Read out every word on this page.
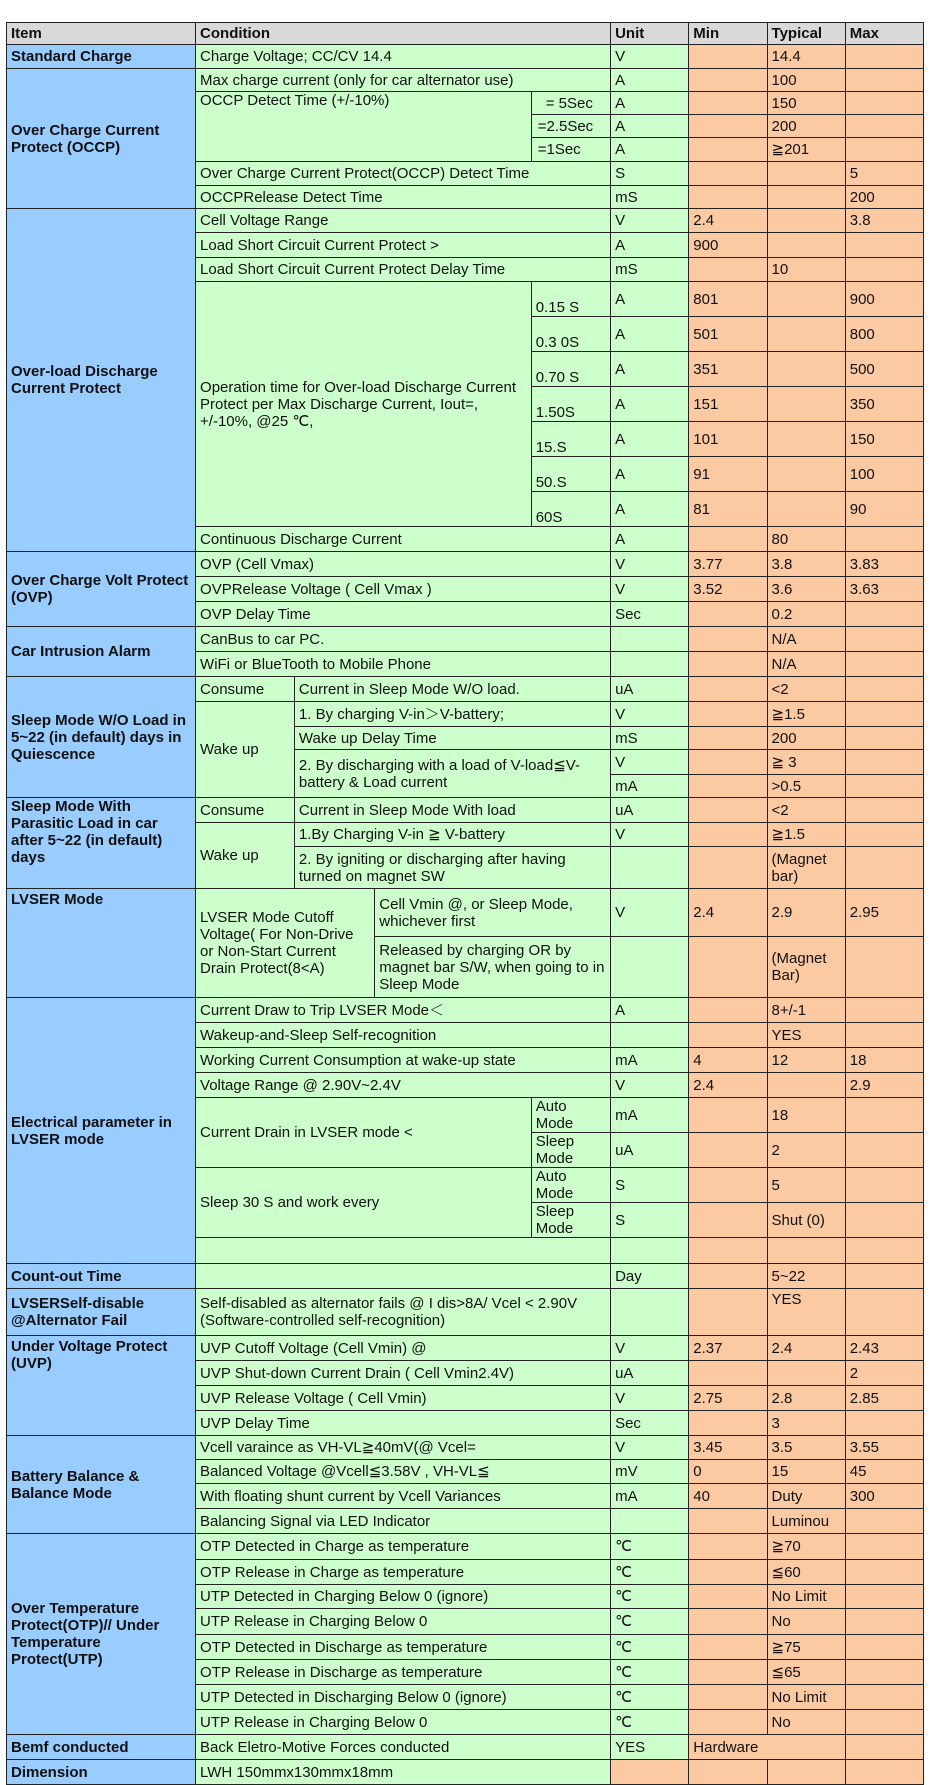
Item	Condition				Unit	Min	Typical	Max
Standard Charge	Charge Voltage; CC/CV 14.4				V		14.4	
Over Charge Current Protect (OCCP)	Max charge current (only for car alternator use)				A		100	
	OCCP Detect Time (+/-10%)			= 5Sec	A		150	
				=2.5Sec	A		200	
				=1Sec	A		≧201	
	Over Charge Current Protect(OCCP) Detect Time				S			5
	OCCPRelease Detect Time				mS			200
Over-load Discharge Current Protect	Cell Voltage Range				V	2.4		3.8
	Load Short Circuit Current Protect >				A	900		
	Load Short Circuit Current Protect Delay Time				mS		10	
	Operation time for Over-load Discharge Current Protect per Max Discharge Current, Iout=, +/-10%, @25 ℃,			0.15 S	A	801		900
				0.3 0S	A	501		800
				0.70 S	A	351		500
				1.50S	A	151		350
				15.S	A	101		150
				50.S	A	91		100
				60S	A	81		90
	Continuous Discharge Current				A		80	
Over Charge Volt Protect (OVP)	OVP (Cell Vmax)				V	3.77	3.8	3.83
	OVPRelease Voltage ( Cell Vmax )				V	3.52	3.6	3.63
	OVP Delay Time				Sec		0.2	
Car Intrusion Alarm	CanBus to car PC.						N/A	
	WiFi or BlueTooth to Mobile Phone						N/A	
Sleep Mode W/O Load in 5~22 (in default) days in Quiescence	Consume	Current in Sleep Mode W/O load.			uA		<2	
	Wake up	1. By charging V-in＞V-battery;			V		≧1.5	
		Wake up Delay Time			mS		200	
		2. By discharging with a load of V-load≦V-battery & Load current			V		≧ 3	
					mA		>0.5	
Sleep Mode With Parasitic Load in car after 5~22 (in default) days	Consume	Current in Sleep Mode With load			uA		<2	
	Wake up	1.By Charging V-in ≧ V-battery			V		≧1.5	
		2. By igniting or discharging after having turned on magnet SW					(Magnet bar)	
LVSER Mode	LVSER Mode Cutoff Voltage( For Non-Drive or Non-Start Current Drain Protect(8<A)		Cell Vmin @, or Sleep Mode, whichever first		V	2.4	2.9	2.95
			Released by charging OR by magnet bar S/W, when going to in Sleep Mode				(Magnet Bar)	
Electrical parameter in LVSER mode	Current Draw to Trip LVSER Mode＜				A		8+/-1	
	Wakeup-and-Sleep Self-recognition						YES	
	Working Current Consumption at wake-up state				mA	4	12	18
	Voltage Range @ 2.90V~2.4V				V	2.4		2.9
	Current Drain in LVSER mode <			Auto Mode	mA		18	
				Sleep Mode	uA		2	
	Sleep 30 S and work every			Auto Mode	S		5	
				Sleep Mode	S		Shut (0)	

Count-out Time					Day		5~22	
LVSERSelf-disable @Alternator Fail	Self-disabled as alternator fails @ I dis>8A/ Vcel < 2.90V (Software-controlled self-recognition)						YES	
Under Voltage Protect (UVP)	UVP Cutoff Voltage (Cell Vmin) @				V	2.37	2.4	2.43
	UVP Shut-down Current Drain ( Cell Vmin2.4V)				uA			2
	UVP Release Voltage ( Cell Vmin)				V	2.75	2.8	2.85
	UVP Delay Time				Sec		3	
Battery Balance & Balance Mode	Vcell varaince as VH-VL≧40mV(@ Vcel=				V	3.45	3.5	3.55
	Balanced Voltage @Vcell≦3.58V , VH-VL≦				mV	0	15	45
	With floating shunt current by Vcell Variances				mA	40	Duty	300
	Balancing Signal via LED Indicator						Luminou	
Over Temperature Protect(OTP)// Under Temperature Protect(UTP)	OTP Detected in Charge as temperature				℃		≧70	
	OTP Release in Charge as temperature				℃		≦60	
	UTP Detected in Charging Below 0 (ignore)				℃		No Limit	
	UTP Release in Charging Below 0				℃		No	
	OTP Detected in Discharge as temperature				℃		≧75	
	OTP Release in Discharge as temperature				℃		≦65	
	UTP Detected in Discharging Below 0 (ignore)				℃		No Limit	
	UTP Release in Charging Below 0				℃		No	
Bemf conducted	Back Eletro-Motive Forces conducted				YES	Hardware		
Dimension	LWH 150mmx130mmx18mm							
